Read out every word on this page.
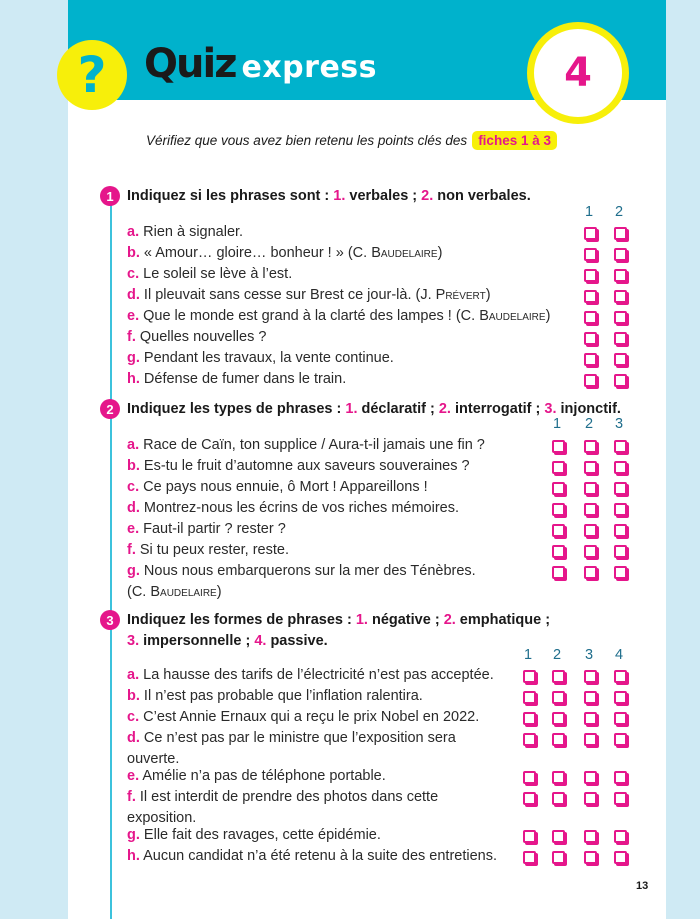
? Quiz express	4
Vérifiez que vous avez bien retenu les points clés des fiches 1 à 3
1 Indiquez si les phrases sont : 1. verbales ; 2. non verbales.
1 2
a. Rien à signaler.
b. « Amour… gloire… bonheur ! » (C. Baudelaire)
c. Le soleil se lève à l’est.
d. Il pleuvait sans cesse sur Brest ce jour-là. (J. Prévert)
e. Que le monde est grand à la clarté des lampes ! (C. Baudelaire)
f. Quelles nouvelles ?
g. Pendant les travaux, la vente continue.
h. Défense de fumer dans le train.
2 Indiquez les types de phrases : 1. déclaratif ; 2. interrogatif ; 3. injonctif.
1 2 3
a. Race de Caïn, ton supplice / Aura-t-il jamais une fin ?
b. Es-tu le fruit d’automne aux saveurs souveraines ?
c. Ce pays nous ennuie, ô Mort ! Appareillons !
d. Montrez-nous les écrins de vos riches mémoires.
e. Faut-il partir ? rester ?
f. Si tu peux rester, reste.
g. Nous nous embarquerons sur la mer des Ténèbres.
(C. Baudelaire)
3 Indiquez les formes de phrases : 1. négative ; 2. emphatique ;
3. impersonnelle ; 4. passive.
1 2 3 4
a. La hausse des tarifs de l’électricité n’est pas acceptée.
b. Il n’est pas probable que l’inflation ralentira.
c. C’est Annie Ernaux qui a reçu le prix Nobel en 2022.
d. Ce n’est pas par le ministre que l’exposition sera
ouverte.
e. Amélie n’a pas de téléphone portable.
f. Il est interdit de prendre des photos dans cette
exposition.
g. Elle fait des ravages, cette épidémie.
h. Aucun candidat n’a été retenu à la suite des entretiens.
13
